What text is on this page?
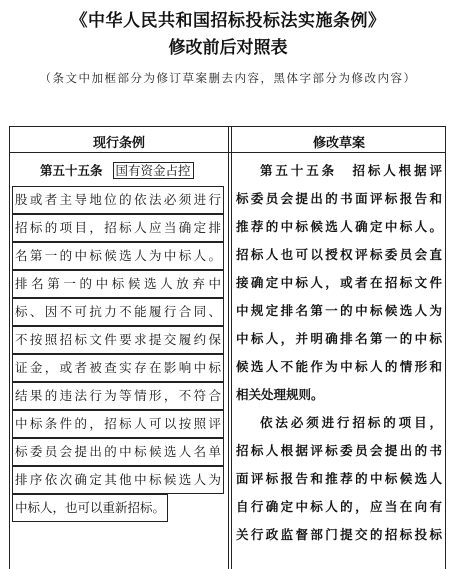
《中华人民共和国招标投标法实施条例》
修改前后对照表
（条文中加框部分为修订草案删去内容，黑体字部分为修改内容）
现行条例	修改草案
第五十五条 国有资金占控
股或者主导地位的依法必须进行
招标的项目，招标人应当确定排
名第一的中标候选人为中标人。
排名第一的中标候选人放弃中
标、因不可抗力不能履行合同、
不按照招标文件要求提交履约保
证金，或者被查实存在影响中标
结果的违法行为等情形，不符合
中标条件的，招标人可以按照评
标委员会提出的中标候选人名单
排序依次确定其他中标候选人为
中标人，也可以重新招标。
第五十五条　招标人根据评
标委员会提出的书面评标报告和
推荐的中标候选人确定中标人。
招标人也可以授权评标委员会直
接确定中标人，或者在招标文件
中规定排名第一的中标候选人为
中标人，并明确排名第一的中标
候选人不能作为中标人的情形和
相关处理规则。
依法必须进行招标的项目，
招标人根据评标委员会提出的书
面评标报告和推荐的中标候选人
自行确定中标人的，应当在向有
关行政监督部门提交的招标投标
